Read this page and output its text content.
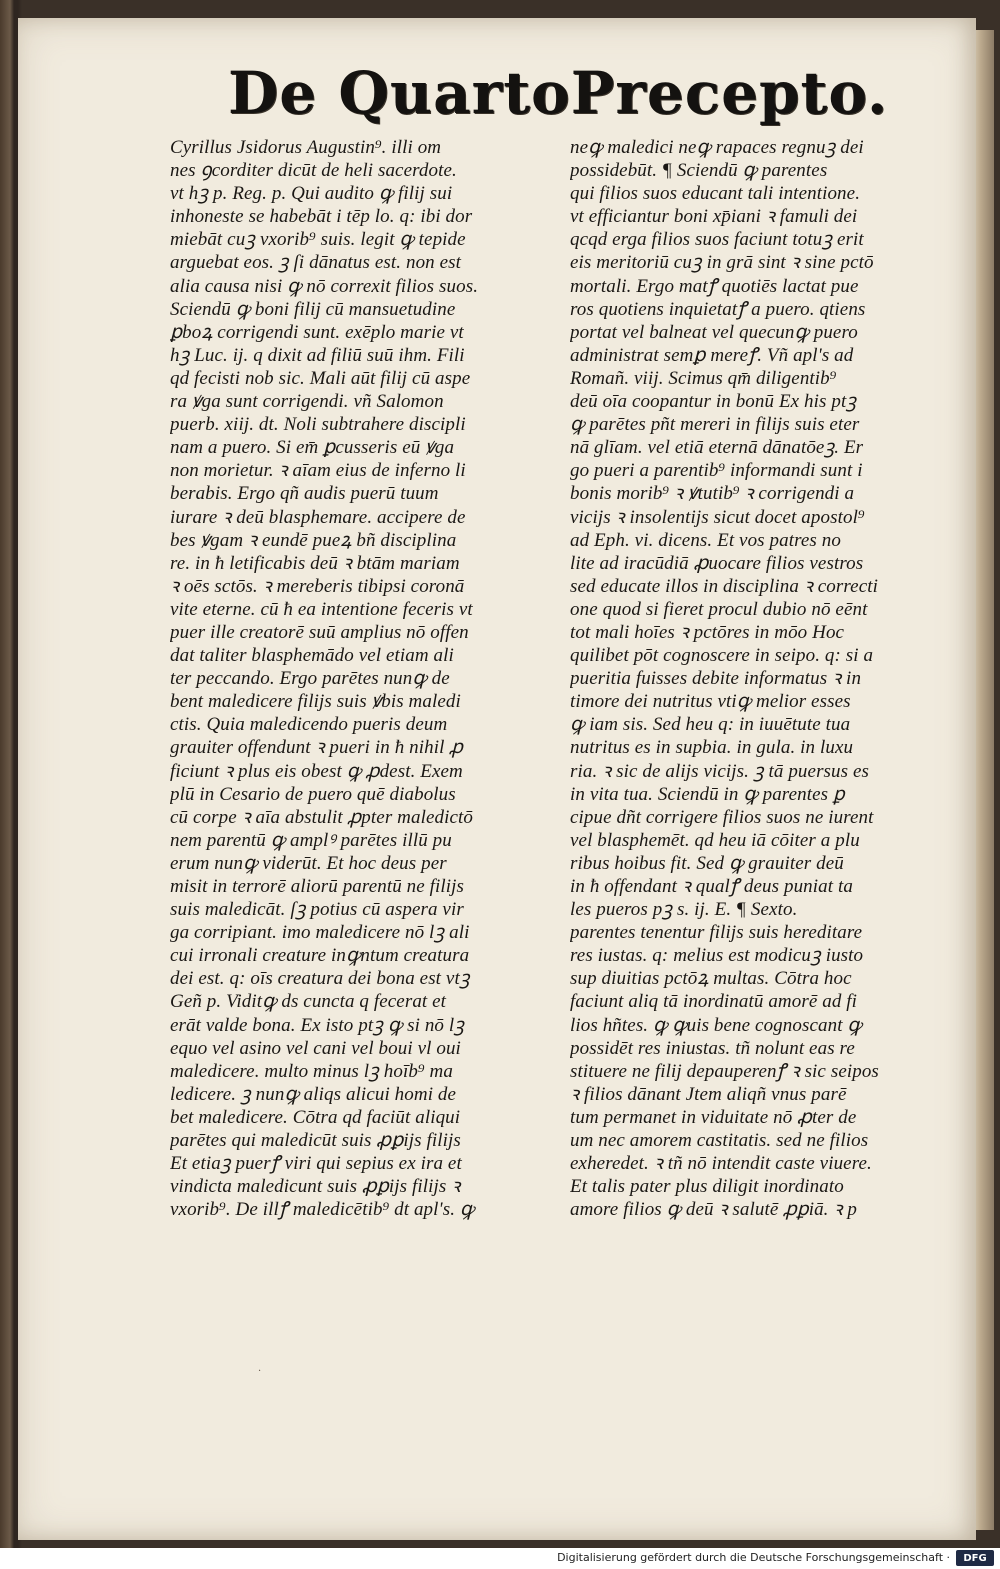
De Quarto Precepto.
Cyrillus Jsidorus Augustin⁹. illi om
nes ꝯcorditer dicūt de heli sacerdote.
vt hꝫ p. Reg. p. Qui audito ꝙ filij sui
inhoneste se habebāt i tēp lo. q: ibi dor
miebāt cuꝫ vxorib⁹ suis. legit ꝙ tepide
arguebat eos. ꝫ ſi dānatus est. non est
alia causa nisi ꝙ nō correxit filios suos.
Sciendū ꝙ boni filij cū mansuetudine
ꝑboꝝ corrigendi sunt. exēplo marie vt
hꝫ Luc. ij. q dixit ad filiū suū ihm. Fili
qd fecisti nob sic. Mali aūt filij cū aspe
ra ꝟga sunt corrigendi. vñ Salomon
puerb. xiij. dt. Noli subtrahere discipli
nam a puero. Si em̄ ꝑcusseris eū ꝟga
non morietur. ꝛ aīam eius de inferno li
berabis. Ergo qñ audis puerū tuum
iurare ꝛ deū blasphemare. accipere de
bes ꝟgam ꝛ eundē pueꝝ bñ disciplina
re. in ħ letificabis deū ꝛ btām mariam
ꝛ oēs sctōs. ꝛ mereberis tibipsi coronā
vite eterne. cū ħ ea intentione feceris vt
puer ille creatorē suū amplius nō offen
dat taliter blasphemādo vel etiam ali
ter peccando. Ergo parētes nunꝙ de
bent maledicere filijs suis ꝟbis maledi
ctis. Quia maledicendo pueris deum
grauiter offendunt ꝛ pueri in ħ nihil ꝓ
ficiunt ꝛ plus eis obest ꝙ ꝓdest. Exem
plū in Cesario de puero quē diabolus
cū corpe ꝛ aīa abstulit ꝓpter maledictō
nem parentū ꝙ amplꝰ parētes illū pu
erum nunꝙ viderūt. Et hoc deus per
misit in terrorē aliorū parentū ne filijs
suis maledicāt. ſꝫ potius cū aspera vir
ga corripiant. imo maledicere nō lꝫ ali
cui irronali creature inꝙntum creatura
dei est. q: oīs creatura dei bona est vtꝫ
Geñ p. Viditꝙ ds cuncta q fecerat et
erāt valde bona. Ex isto ptꝫ ꝙ si nō lꝫ
equo vel asino vel cani vel boui vl oui
maledicere. multo minus lꝫ hoīb⁹ ma
ledicere. ꝫ nunꝙ aliqs alicui homi de
bet maledicere. Cōtra qd faciūt aliqui
parētes qui maledicūt suis ꝓꝑijs filijs
Et etiaꝫ puerꝭ viri qui sepius ex ira et
vindicta maledicunt suis ꝓꝑijs filijs ꝛ
vxorib⁹. De illꝭ maledicētib⁹ dt apl's. ꝙ
neꝙ maledici neꝙ rapaces regnuꝫ dei
possidebūt. ¶ Sciendū ꝙ parentes
qui filios suos educant tali intentione.
vt efficiantur boni xp̄iani ꝛ famuli dei
qcqd erga filios suos faciunt totuꝫ erit
eis meritoriū cuꝫ in grā sint ꝛ sine pctō
mortali. Ergo matꝭ quotiēs lactat pue
ros quotiens inquietatꝭ a puero. qtiens
portat vel balneat vel quecunꝙ puero
administrat semꝑ mereꝭ. Vñ apl's ad
Romañ. viij. Scimus qm̄ diligentib⁹
deū oīa coopantur in bonū Ex his ptꝫ
ꝙ parētes pñt mereri in filijs suis eter
nā glīam. vel etiā eternā dānatōeꝫ. Er
go pueri a parentib⁹ informandi sunt i
bonis morib⁹ ꝛ ꝟtutib⁹ ꝛ corrigendi a
vicijs ꝛ insolentijs sicut docet apostol⁹
ad Eph. vi. dicens. Et vos patres no
lite ad iracūdiā ꝓuocare filios vestros
sed educate illos in disciplina ꝛ correcti
one quod si fieret procul dubio nō eēnt
tot mali hoīes ꝛ pctōres in mōo Hoc
quilibet pōt cognoscere in seipo. q: si a
pueritia fuisses debite informatus ꝛ in
timore dei nutritus vtiꝙ melior esses
ꝙ iam sis. Sed heu q: in iuuētute tua
nutritus es in supbia. in gula. in luxu
ria. ꝛ sic de alijs vicijs. ꝫ tā puersus es
in vita tua. Sciendū in ꝙ parentes ꝑ
cipue dñt corrigere filios suos ne iurent
vel blasphemēt. qd heu iā cōiter a plu
ribus hoibus fit. Sed ꝙ grauiter deū
in ħ offendant ꝛ qualꝭ deus puniat ta
les pueros pꝫ s. ij. E. ¶ Sexto.
parentes tenentur filijs suis hereditare
res iustas. q: melius est modicuꝫ iusto
sup diuitias pctōꝝ multas. Cōtra hoc
faciunt aliq tā inordinatū amorē ad fi
lios hñtes. ꝙ ꝙuis bene cognoscant ꝙ
possidēt res iniustas. tñ nolunt eas re
stituere ne filij depauperenꝭ ꝛ sic seipos
ꝛ filios dānant Jtem aliqñ vnus parē
tum permanet in viduitate nō ꝓter de
um nec amorem castitatis. sed ne filios
exheredet. ꝛ tñ nō intendit caste viuere.
Et talis pater plus diligit inordinato
amore filios ꝙ deū ꝛ salutē ꝓꝑiā. ꝛ p
·
Digitalisierung gefördert durch die Deutsche Forschungsgemeinschaft ·	DFG
